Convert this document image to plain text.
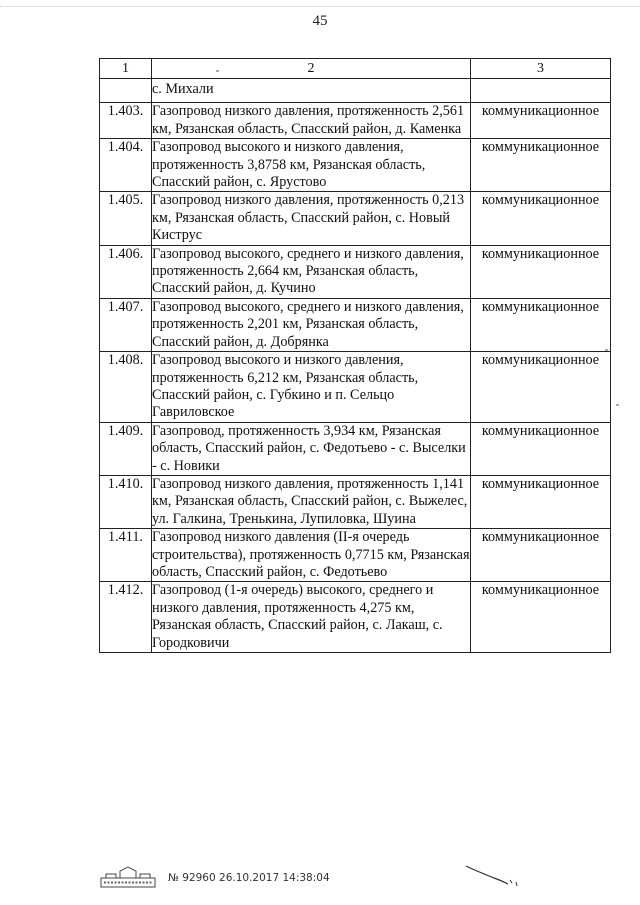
45
1	2	3
	с. Михали	
1.403.	Газопровод низкого давления, протяженность 2,561 км, Рязанская область, Спасский район, д. Каменка	коммуникационное
1.404.	Газопровод высокого и низкого давления, протяженность 3,8758 км, Рязанская область, Спасский район, с. Ярустово	коммуникационное
1.405.	Газопровод низкого давления, протяженность 0,213 км, Рязанская область, Спасский район, с. Новый Киструс	коммуникационное
1.406.	Газопровод высокого, среднего и низкого давления, протяженность 2,664 км, Рязанская область, Спасский район, д. Кучино	коммуникационное
1.407.	Газопровод высокого, среднего и низкого давления, протяженность 2,201 км, Рязанская область, Спасский район, д. Добрянка	коммуникационное
1.408.	Газопровод высокого и низкого давления, протяженность 6,212 км, Рязанская область, Спасский район, с. Губкино и п. Сельцо Гавриловское	коммуникационное
1.409.	Газопровод, протяженность 3,934 км, Рязанская область, Спасский район, с. Федотьево - с. Выселки - с. Новики	коммуникационное
1.410.	Газопровод низкого давления, протяженность 1,141 км, Рязанская область, Спасский район, с. Выжелес, ул. Галкина, Тренькина, Лупиловка, Шуина	коммуникационное
1.411.	Газопровод низкого давления (II-я очередь строительства), протяженность 0,7715 км, Рязанская область, Спасский район, с. Федотьево	коммуникационное
1.412.	Газопровод (1-я очередь) высокого, среднего и низкого давления, протяженность 4,275 км, Рязанская область, Спасский район, с. Лакаш, с. Городковичи	коммуникационное
№ 92960 26.10.2017 14:38:04
